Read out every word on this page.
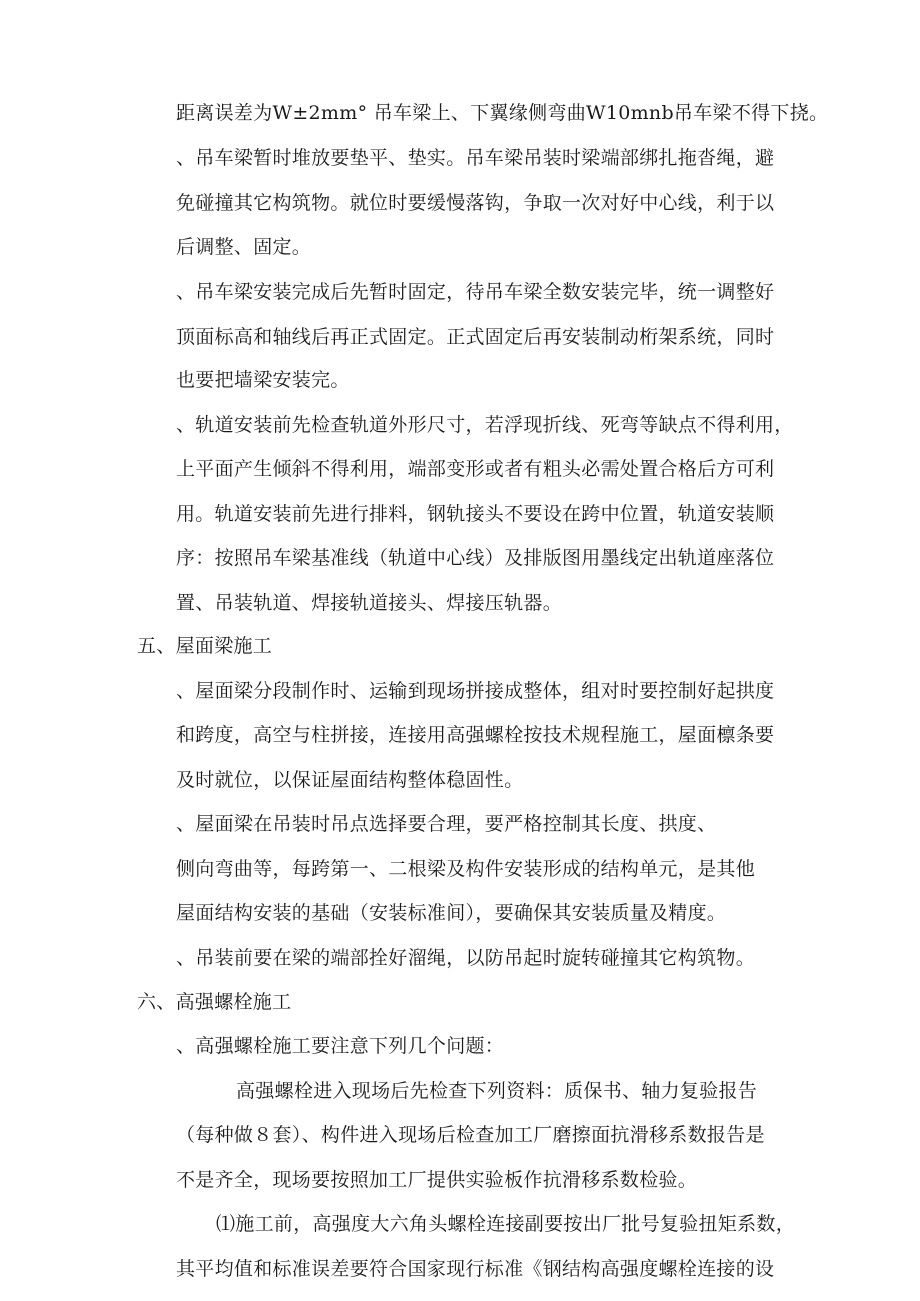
距离误差为W±2mm° 吊车梁上、下翼缘侧弯曲W10mnb吊车梁不得下挠。
、吊车梁暂时堆放要垫平、垫实。吊车梁吊装时梁端部绑扎拖沓绳，避
免碰撞其它构筑物。就位时要缓慢落钩，争取一次对好中心线，利于以
后调整、固定。
、吊车梁安装完成后先暂时固定，待吊车梁全数安装完毕，统一调整好
顶面标高和轴线后再正式固定。正式固定后再安装制动桁架系统，同时
也要把墙梁安装完。
、轨道安装前先检查轨道外形尺寸，若浮现折线、死弯等缺点不得利用，
上平面产生倾斜不得利用，端部变形或者有粗头必需处置合格后方可利
用。轨道安装前先进行排料，钢轨接头不要设在跨中位置，轨道安装顺
序：按照吊车梁基准线（轨道中心线）及排版图用墨线定出轨道座落位
置、吊装轨道、焊接轨道接头、焊接压轨器。
五、屋面梁施工
、屋面梁分段制作时、运输到现场拼接成整体，组对时要控制好起拱度
和跨度，高空与柱拼接，连接用高强螺栓按技术规程施工，屋面檩条要
及时就位，以保证屋面结构整体稳固性。
、屋面梁在吊装时吊点选择要合理，要严格控制其长度、拱度、
侧向弯曲等，每跨第一、二根梁及构件安装形成的结构单元，是其他
屋面结构安装的基础（安装标准间），要确保其安装质量及精度。
、吊装前要在梁的端部拴好溜绳，以防吊起时旋转碰撞其它构筑物。
六、高强螺栓施工
、高强螺栓施工要注意下列几个问题：
高强螺栓进入现场后先检查下列资料：质保书、轴力复验报告
（每种做８套）、构件进入现场后检查加工厂磨擦面抗滑移系数报告是
不是齐全，现场要按照加工厂提供实验板作抗滑移系数检验。
⑴施工前，高强度大六角头螺栓连接副要按出厂批号复验扭矩系数，
其平均值和标准误差要符合国家现行标准《钢结构高强度螺栓连接的设
